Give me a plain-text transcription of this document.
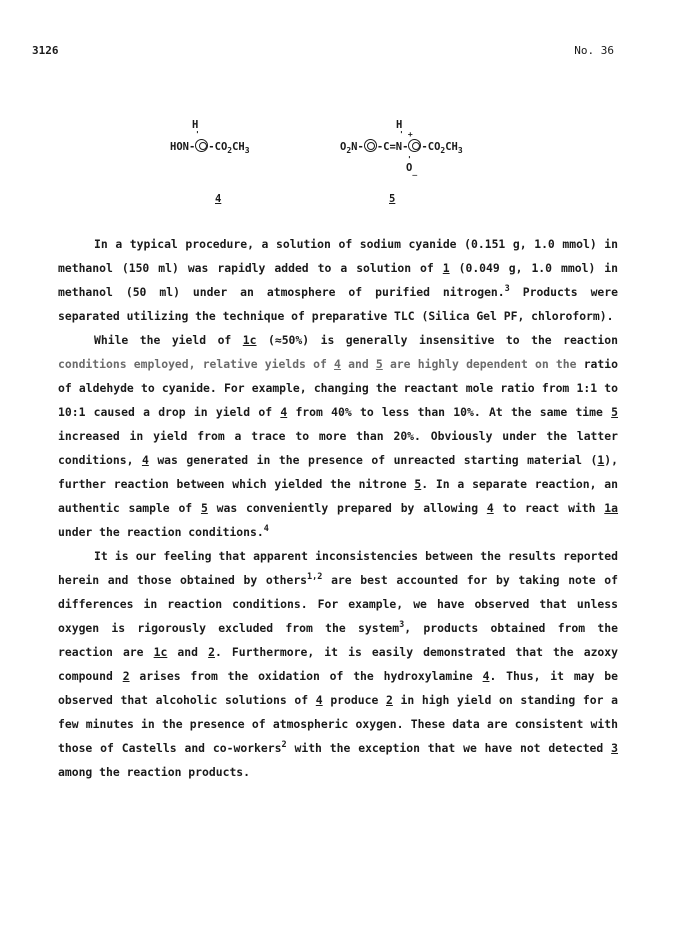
3126	No. 36
H
'
HON- $-CO_2CH_3$
H
' +
$O_2N-$ -C=N- $-CO_2CH_3$
'
$O_{\_}$
4	5

In a typical procedure, a solution of sodium cyanide (0.151 g, 1.0 mmol) in methanol (150 ml) was rapidly added to a solution of 1 (0.049 g, 1.0 mmol) in methanol (50 ml) under an atmosphere of purified nitrogen.$^3$ Products were separated utilizing the technique of preparative TLC (Silica Gel PF, chloroform).

While the yield of 1c (≈50%) is generally insensitive to the reaction conditions employed, relative yields of 4 and 5 are highly dependent on the ratio of aldehyde to cyanide. For example, changing the reactant mole ratio from 1:1 to 10:1 caused a drop in yield of 4 from 40% to less than 10%. At the same time 5 increased in yield from a trace to more than 20%. Obviously under the latter conditions, 4 was generated in the presence of unreacted starting material (1), further reaction between which yielded the nitrone 5. In a separate reaction, an authentic sample of 5 was conveniently prepared by allowing 4 to react with 1a under the reaction conditions.$^4$

It is our feeling that apparent inconsistencies between the results reported herein and those obtained by others$^{1,2}$ are best accounted for by taking note of differences in reaction conditions. For example, we have observed that unless oxygen is rigorously excluded from the system$^3$, products obtained from the reaction are 1c and 2. Furthermore, it is easily demonstrated that the azoxy compound 2 arises from the oxidation of the hydroxylamine 4. Thus, it may be observed that alcoholic solutions of 4 produce 2 in high yield on standing for a few minutes in the presence of atmospheric oxygen. These data are consistent with those of Castells and co-workers$^2$ with the exception that we have not detected 3 among the reaction products.
